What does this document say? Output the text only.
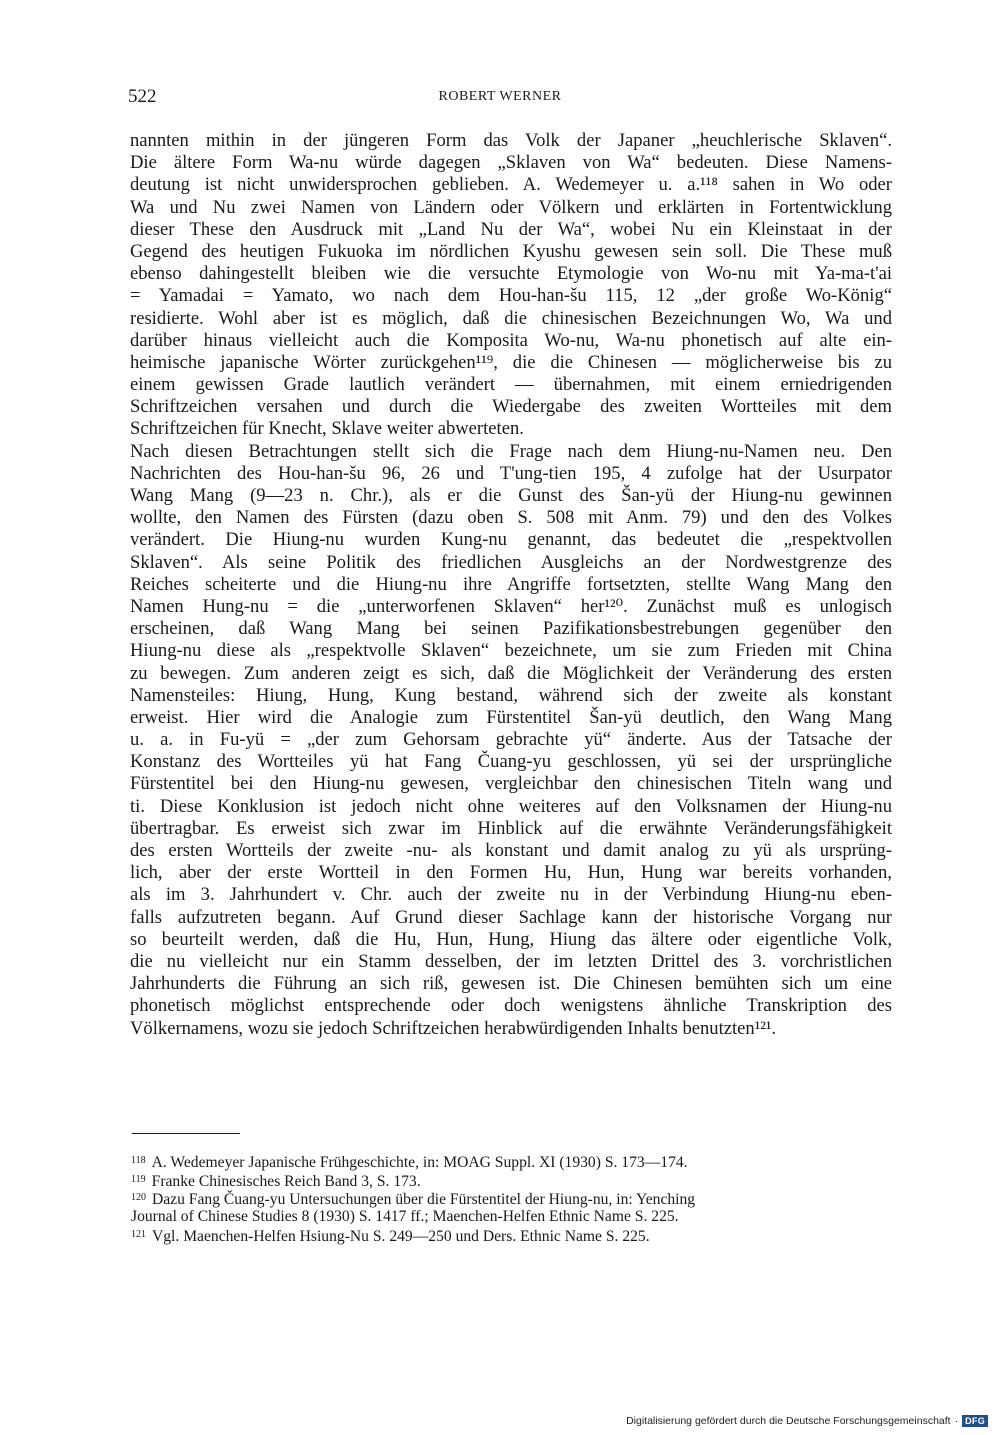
522	ROBERT WERNER
nannten mithin in der jüngeren Form das Volk der Japaner „heuchlerische Sklaven“.
Die ältere Form Wa-nu würde dagegen „Sklaven von Wa“ bedeuten. Diese Namens-
deutung ist nicht unwidersprochen geblieben. A. Wedemeyer u. a.¹¹⁸ sahen in Wo oder
Wa und Nu zwei Namen von Ländern oder Völkern und erklärten in Fortentwicklung
dieser These den Ausdruck mit „Land Nu der Wa“, wobei Nu ein Kleinstaat in der
Gegend des heutigen Fukuoka im nördlichen Kyushu gewesen sein soll. Die These muß
ebenso dahingestellt bleiben wie die versuchte Etymologie von Wo-nu mit Ya-ma-t'ai
= Yamadai = Yamato, wo nach dem Hou-han-šu 115, 12 „der große Wo-König“
residierte. Wohl aber ist es möglich, daß die chinesischen Bezeichnungen Wo, Wa und
darüber hinaus vielleicht auch die Komposita Wo-nu, Wa-nu phonetisch auf alte ein-
heimische japanische Wörter zurückgehen¹¹⁹, die die Chinesen — möglicherweise bis zu
einem gewissen Grade lautlich verändert — übernahmen, mit einem erniedrigenden
Schriftzeichen versahen und durch die Wiedergabe des zweiten Wortteiles mit dem
Schriftzeichen für Knecht, Sklave weiter abwerteten.
Nach diesen Betrachtungen stellt sich die Frage nach dem Hiung-nu-Namen neu. Den
Nachrichten des Hou-han-šu 96, 26 und T'ung-tien 195, 4 zufolge hat der Usurpator
Wang Mang (9—23 n. Chr.), als er die Gunst des Šan-yü der Hiung-nu gewinnen
wollte, den Namen des Fürsten (dazu oben S. 508 mit Anm. 79) und den des Volkes
verändert. Die Hiung-nu wurden Kung-nu genannt, das bedeutet die „respektvollen
Sklaven“. Als seine Politik des friedlichen Ausgleichs an der Nordwestgrenze des
Reiches scheiterte und die Hiung-nu ihre Angriffe fortsetzten, stellte Wang Mang den
Namen Hung-nu = die „unterworfenen Sklaven“ her¹²⁰. Zunächst muß es unlogisch
erscheinen, daß Wang Mang bei seinen Pazifikationsbestrebungen gegenüber den
Hiung-nu diese als „respektvolle Sklaven“ bezeichnete, um sie zum Frieden mit China
zu bewegen. Zum anderen zeigt es sich, daß die Möglichkeit der Veränderung des ersten
Namensteiles: Hiung, Hung, Kung bestand, während sich der zweite als konstant
erweist. Hier wird die Analogie zum Fürstentitel Šan-yü deutlich, den Wang Mang
u. a. in Fu-yü = „der zum Gehorsam gebrachte yü“ änderte. Aus der Tatsache der
Konstanz des Wortteiles yü hat Fang Čuang-yu geschlossen, yü sei der ursprüngliche
Fürstentitel bei den Hiung-nu gewesen, vergleichbar den chinesischen Titeln wang und
ti. Diese Konklusion ist jedoch nicht ohne weiteres auf den Volksnamen der Hiung-nu
übertragbar. Es erweist sich zwar im Hinblick auf die erwähnte Veränderungsfähigkeit
des ersten Wortteils der zweite -nu- als konstant und damit analog zu yü als ursprüng-
lich, aber der erste Wortteil in den Formen Hu, Hun, Hung war bereits vorhanden,
als im 3. Jahrhundert v. Chr. auch der zweite nu in der Verbindung Hiung-nu eben-
falls aufzutreten begann. Auf Grund dieser Sachlage kann der historische Vorgang nur
so beurteilt werden, daß die Hu, Hun, Hung, Hiung das ältere oder eigentliche Volk,
die nu vielleicht nur ein Stamm desselben, der im letzten Drittel des 3. vorchristlichen
Jahrhunderts die Führung an sich riß, gewesen ist. Die Chinesen bemühten sich um eine
phonetisch möglichst entsprechende oder doch wenigstens ähnliche Transkription des
Völkernamens, wozu sie jedoch Schriftzeichen herabwürdigenden Inhalts benutzten¹²¹.
$^{118}$ A. Wedemeyer Japanische Frühgeschichte, in: MOAG Suppl. XI (1930) S. 173—174.
$^{119}$ Franke Chinesisches Reich Band 3, S. 173.
$^{120}$ Dazu Fang Čuang-yu Untersuchungen über die Fürstentitel der Hiung-nu, in: Yenching
Journal of Chinese Studies 8 (1930) S. 1417 ff.; Maenchen-Helfen Ethnic Name S. 225.
$^{121}$ Vgl. Maenchen-Helfen Hsiung-Nu S. 249—250 und Ders. Ethnic Name S. 225.
Digitalisierung gefördert durch die Deutsche Forschungsgemeinschaft · DFG
